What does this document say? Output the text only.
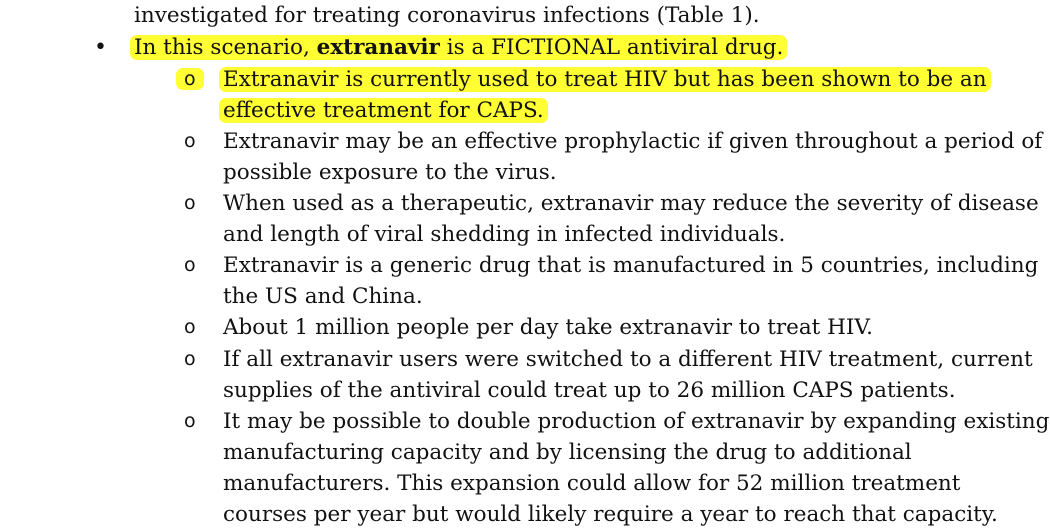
investigated for treating coronavirus infections (Table 1).
• In this scenario, extranavir is a FICTIONAL antiviral drug.
o	Extranavir is currently used to treat HIV but has been shown to be an
effective treatment for CAPS.
o Extranavir may be an effective prophylactic if given throughout a period of
possible exposure to the virus.
o When used as a therapeutic, extranavir may reduce the severity of disease
and length of viral shedding in infected individuals.
o Extranavir is a generic drug that is manufactured in 5 countries, including
the US and China.
o About 1 million people per day take extranavir to treat HIV.
o If all extranavir users were switched to a different HIV treatment, current
supplies of the antiviral could treat up to 26 million CAPS patients.
o It may be possible to double production of extranavir by expanding existing
manufacturing capacity and by licensing the drug to additional
manufacturers. This expansion could allow for 52 million treatment
courses per year but would likely require a year to reach that capacity.
